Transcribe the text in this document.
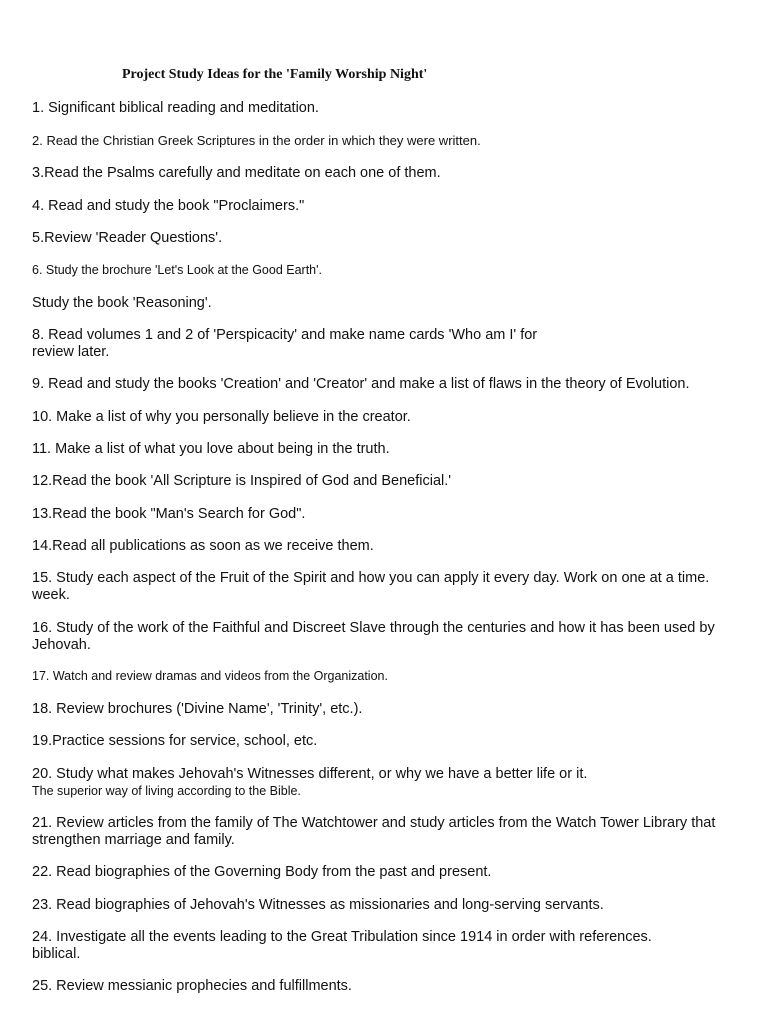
Project Study Ideas for the 'Family Worship Night'
1. Significant biblical reading and meditation.
2. Read the Christian Greek Scriptures in the order in which they were written.
3.Read the Psalms carefully and meditate on each one of them.
4. Read and study the book "Proclaimers."
5.Review 'Reader Questions'.
6. Study the brochure 'Let's Look at the Good Earth'.
Study the book 'Reasoning'.
8. Read volumes 1 and 2 of 'Perspicacity' and make name cards 'Who am I' for
review later.
9. Read and study the books 'Creation' and 'Creator' and make a list of flaws in the theory of Evolution.
10. Make a list of why you personally believe in the creator.
11. Make a list of what you love about being in the truth.
12.Read the book 'All Scripture is Inspired of God and Beneficial.'
13.Read the book "Man's Search for God".
14.Read all publications as soon as we receive them.
15. Study each aspect of the Fruit of the Spirit and how you can apply it every day. Work on one at a time.
week.
16. Study of the work of the Faithful and Discreet Slave through the centuries and how it has been used by
Jehovah.
17. Watch and review dramas and videos from the Organization.
18. Review brochures ('Divine Name', 'Trinity', etc.).
19.Practice sessions for service, school, etc.
20. Study what makes Jehovah's Witnesses different, or why we have a better life or it.
The superior way of living according to the Bible.
21. Review articles from the family of The Watchtower and study articles from the Watch Tower Library that
strengthen marriage and family.
22. Read biographies of the Governing Body from the past and present.
23. Read biographies of Jehovah's Witnesses as missionaries and long-serving servants.
24. Investigate all the events leading to the Great Tribulation since 1914 in order with references.
biblical.
25. Review messianic prophecies and fulfillments.
